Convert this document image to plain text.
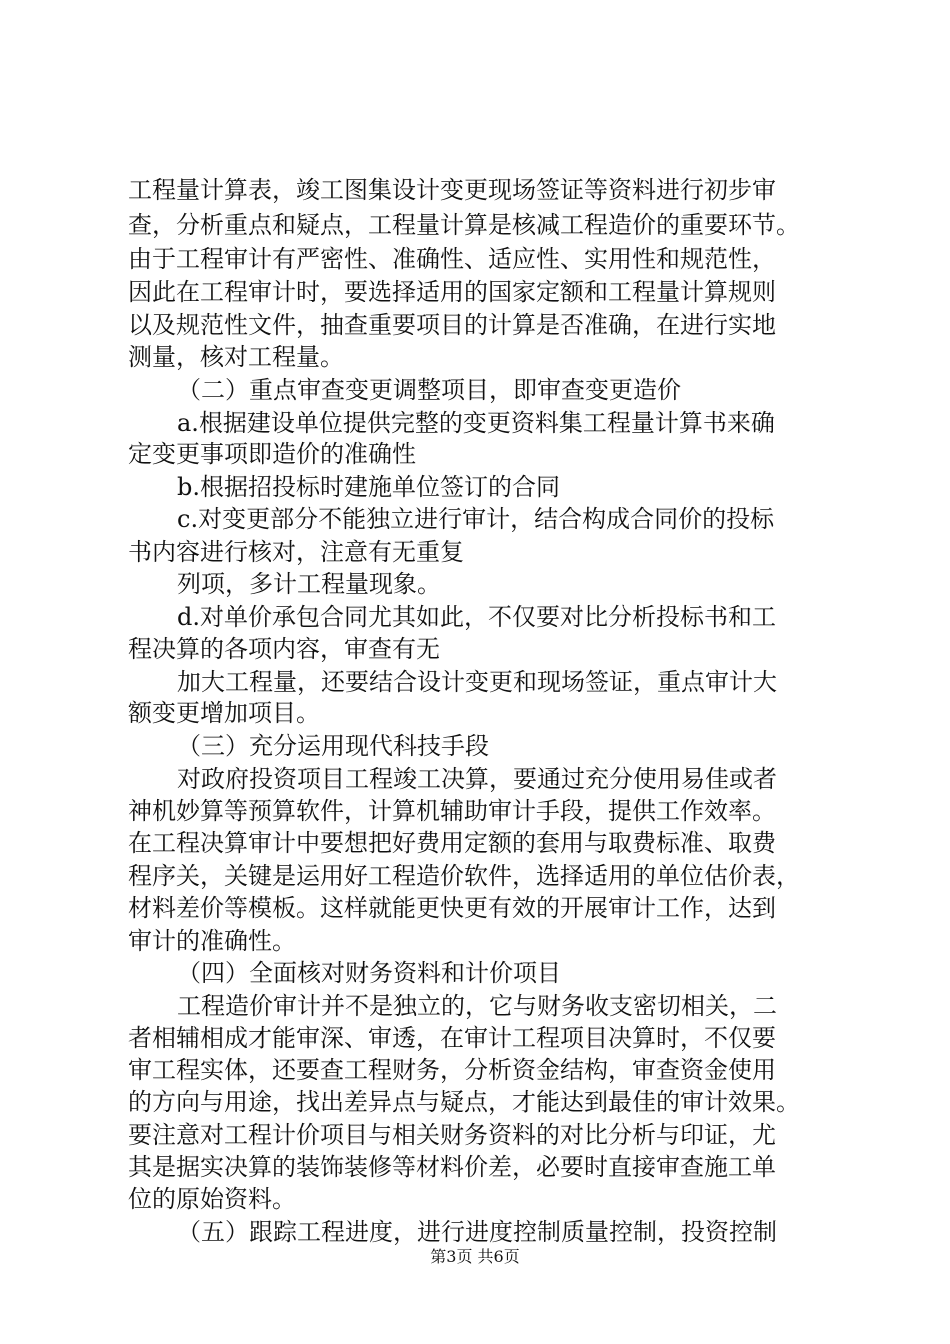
工程量计算表，竣工图集设计变更现场签证等资料进行初步审
查，分析重点和疑点，工程量计算是核减工程造价的重要环节。
由于工程审计有严密性、准确性、适应性、实用性和规范性，
因此在工程审计时，要选择适用的国家定额和工程量计算规则
以及规范性文件，抽查重要项目的计算是否准确，在进行实地
测量，核对工程量。
（二）重点审查变更调整项目，即审查变更造价
a.根据建设单位提供完整的变更资料集工程量计算书来确
定变更事项即造价的准确性
b.根据招投标时建施单位签订的合同
c.对变更部分不能独立进行审计，结合构成合同价的投标
书内容进行核对，注意有无重复
列项，多计工程量现象。
d.对单价承包合同尤其如此，不仅要对比分析投标书和工
程决算的各项内容，审查有无
加大工程量，还要结合设计变更和现场签证，重点审计大
额变更增加项目。
（三）充分运用现代科技手段
对政府投资项目工程竣工决算，要通过充分使用易佳或者
神机妙算等预算软件，计算机辅助审计手段，提供工作效率。
在工程决算审计中要想把好费用定额的套用与取费标准、取费
程序关，关键是运用好工程造价软件，选择适用的单位估价表，
材料差价等模板。这样就能更快更有效的开展审计工作，达到
审计的准确性。
（四）全面核对财务资料和计价项目
工程造价审计并不是独立的，它与财务收支密切相关，二
者相辅相成才能审深、审透，在审计工程项目决算时，不仅要
审工程实体，还要查工程财务，分析资金结构，审查资金使用
的方向与用途，找出差异点与疑点，才能达到最佳的审计效果。
要注意对工程计价项目与相关财务资料的对比分析与印证，尤
其是据实决算的装饰装修等材料价差，必要时直接审查施工单
位的原始资料。
（五）跟踪工程进度，进行进度控制质量控制，投资控制
第3页 共6页
